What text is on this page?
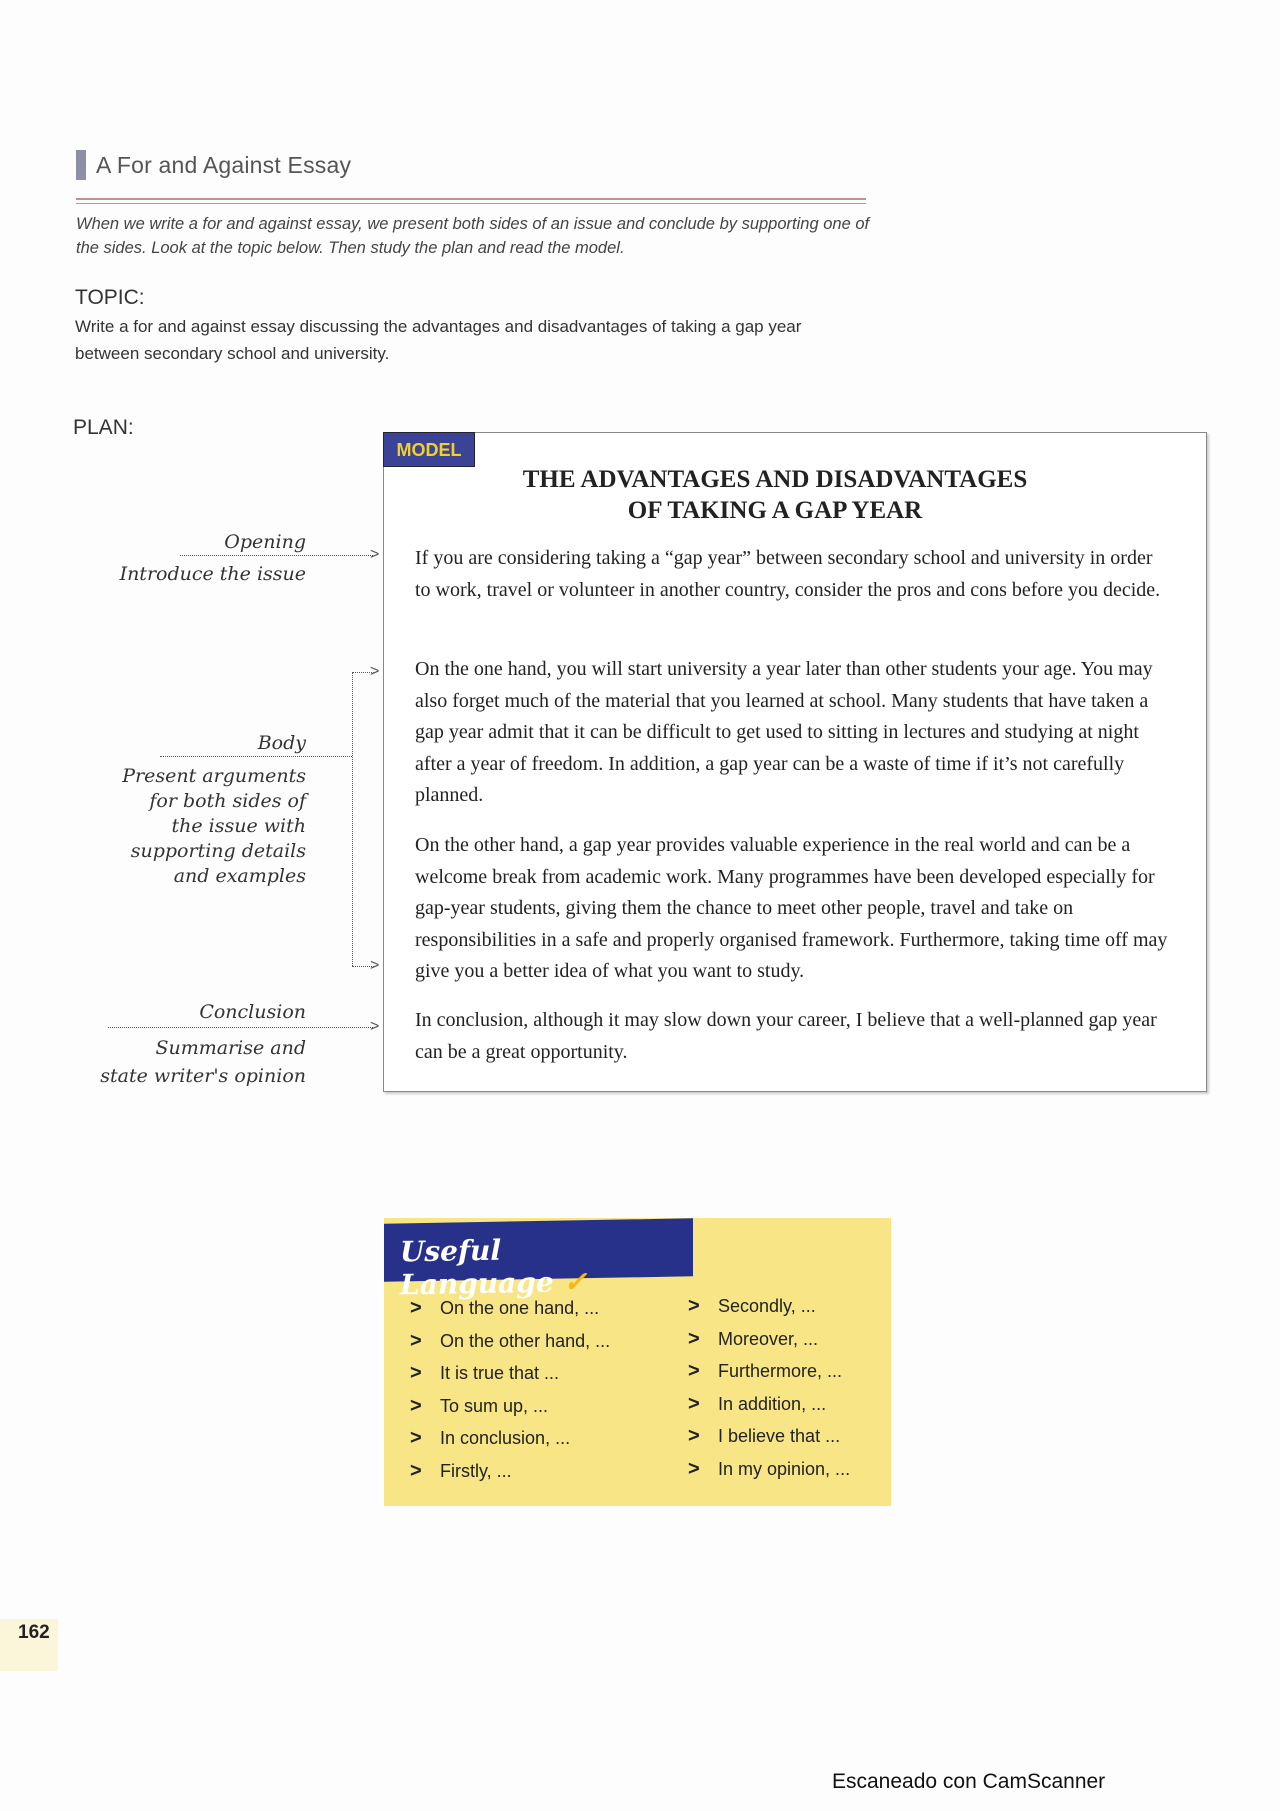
A For and Against Essay
When we write a for and against essay, we present both sides of an issue and conclude by supporting one of the sides. Look at the topic below. Then study the plan and read the model.
TOPIC:
Write a for and against essay discussing the advantages and disadvantages of taking a gap year between secondary school and university.
PLAN:
Opening
>
Introduce the issue
Body
>
>
Present arguments
for both sides of
the issue with
supporting details
and examples
Conclusion
>
Summarise and
state writer's opinion
MODEL
THE ADVANTAGES AND DISADVANTAGES
OF TAKING A GAP YEAR
If you are considering taking a “gap year” between secondary school and university in order to work, travel or volunteer in another country, consider the pros and cons before you decide.
On the one hand, you will start university a year later than other students your age. You may also forget much of the material that you learned at school. Many students that have taken a gap year admit that it can be difficult to get used to sitting in lectures and studying at night after a year of freedom. In addition, a gap year can be a waste of time if it’s not carefully planned.
On the other hand, a gap year provides valuable experience in the real world and can be a welcome break from academic work. Many programmes have been developed especially for gap-year students, giving them the chance to meet other people, travel and take on responsibilities in a safe and properly organised framework. Furthermore, taking time off may give you a better idea of what you want to study.
In conclusion, although it may slow down your career, I believe that a well-planned gap year can be a great opportunity.
Useful Language ✓
>	On the one hand, ...
>	On the other hand, ...
>	It is true that ...
>	To sum up, ...
>	In conclusion, ...
>	Firstly, ...
>	Secondly, ...
>	Moreover, ...
>	Furthermore, ...
>	In addition, ...
>	I believe that ...
>	In my opinion, ...
162
Escaneado con CamScanner
